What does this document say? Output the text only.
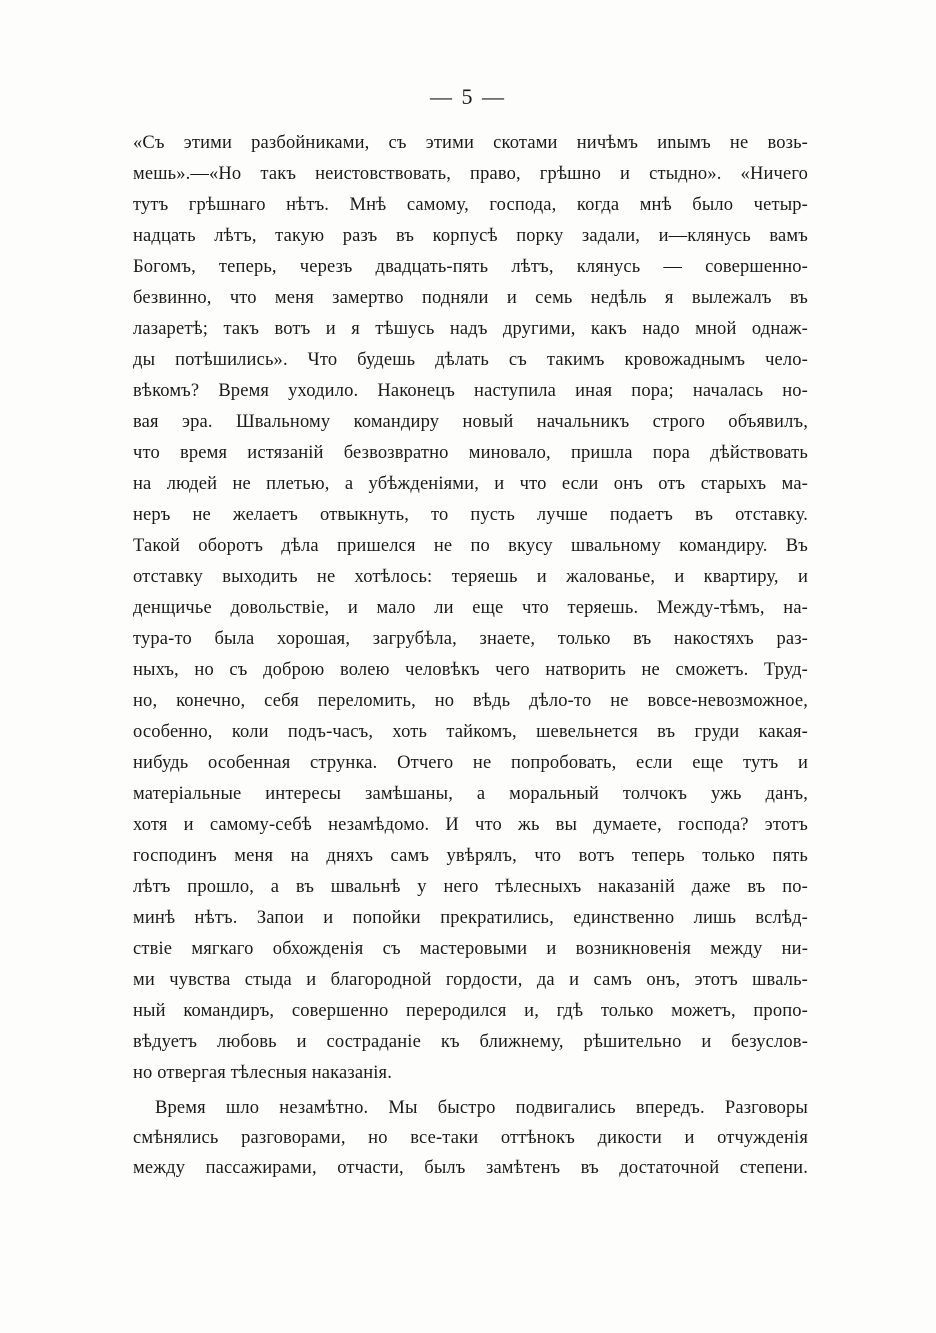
— 5 —
«Съ этими разбойниками, съ этими скотами ничѣмъ иnымъ не возь-
мешь».—«Но такъ неистовствовать, право, грѣшно и стыдно». «Ничего
тутъ грѣшнаго нѣтъ. Мнѣ самому, господа, когда мнѣ было четыр-
надцать лѣтъ, такую разъ въ корпусѣ порку задали, и—клянусь вамъ
Богомъ, теперь, черезъ двадцать-пять лѣтъ, клянусь — совершенно-
безвинно, что меня замертво подняли и семь недѣль я вылежалъ въ
лазаретѣ; такъ вотъ и я тѣшусь надъ другими, какъ надо мной однаж-
ды потѣшились». Что будешь дѣлать съ такимъ кровожаднымъ чело-
вѣкомъ? Время уходило. Наконецъ наступила иная пора; началась но-
вая эра. Швальному командиру новый начальникъ строго объявилъ,
что время истязаній безвозвратно миновало, пришла пора дѣйствовать
на людей не плетью, а убѣжденіями, и что если онъ отъ старыхъ ма-
неръ не желаетъ отвыкнуть, то пусть лучше подаетъ въ отставку.
Такой оборотъ дѣла пришелся не по вкусу швальному командиру. Въ
отставку выходить не хотѣлось: теряешь и жалованье, и квартиру, и
денщичье довольствіе, и мало ли еще что теряешь. Между-тѣмъ, на-
тура-то была хорошая, загрубѣла, знаете, только въ накостяхъ раз-
ныхъ, но съ доброю волею человѣкъ чего натворить не сможетъ. Труд-
но, конечно, себя переломить, но вѣдь дѣло-то не вовсе-невозможное,
особенно, коли подъ-часъ, хоть тайкомъ, шевельнется въ груди какая-
нибудь особенная струнка. Отчего не попробовать, если еще тутъ и
матеріальные интересы замѣшаны, а моральный толчокъ ужь данъ,
хотя и самому-себѣ незамѣдомо. И что жь вы думаете, господа? этотъ
господинъ меня на дняхъ самъ увѣрялъ, что вотъ теперь только пять
лѣтъ прошло, а въ швальнѣ у него тѣлесныхъ наказаній даже въ по-
минѣ нѣтъ. Запои и попойки прекратились, единственно лишь вслѣд-
ствіе мягкаго обхожденія съ мастеровыми и возникновенія между ни-
ми чувства стыда и благородной гордости, да и самъ онъ, этотъ шваль-
ный командиръ, совершенно переродился и, гдѣ только можетъ, пропо-
вѣдуетъ любовь и состраданіе къ ближнему, рѣшительно и безуслов-
но отвергая тѣлесныя наказанія.
Время шло незамѣтно. Мы быстро подвигались впередъ. Разговоры
смѣнялись разговорами, но все-таки оттѣнокъ дикости и отчужденія
между пассажирами, отчасти, былъ замѣтенъ въ достаточной степени.
